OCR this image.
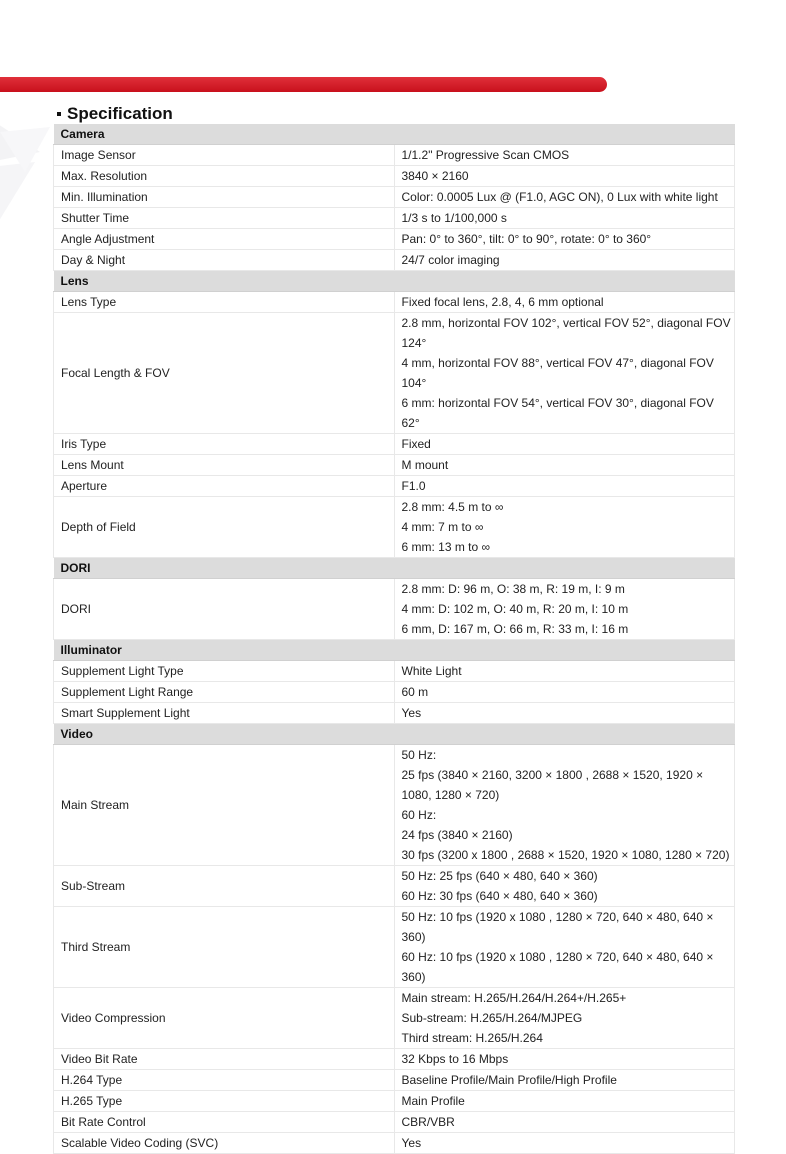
Specification
Camera	
Image Sensor	1/1.2" Progressive Scan CMOS

Max. Resolution	3840 × 2160

Min. Illumination	Color: 0.0005 Lux @ (F1.0, AGC ON), 0 Lux with white light

Shutter Time	1/3 s to 1/100,000 s

Angle Adjustment	Pan: 0° to 360°, tilt: 0° to 90°, rotate: 0° to 360°

Day & Night	24/7 color imaging

Lens	
Lens Type	Fixed focal lens, 2.8, 4, 6 mm optional

Focal Length & FOV	2.8 mm, horizontal FOV 102°, vertical FOV 52°, diagonal FOV 124°
4 mm, horizontal FOV 88°, vertical FOV 47°, diagonal FOV 104°
6 mm: horizontal FOV 54°, vertical FOV 30°, diagonal FOV 62°

Iris Type	Fixed

Lens Mount	M mount

Aperture	F1.0

Depth of Field	2.8 mm: 4.5 m to ∞
4 mm: 7 m to ∞
6 mm: 13 m to ∞

DORI	
DORI	2.8 mm: D: 96 m, O: 38 m, R: 19 m, I: 9 m
4 mm: D: 102 m, O: 40 m, R: 20 m, I: 10 m
6 mm, D: 167 m, O: 66 m, R: 33 m, I: 16 m

Illuminator	
Supplement Light Type	White Light

Supplement Light Range	60 m

Smart Supplement Light	Yes

Video	
Main Stream	50 Hz:
25 fps (3840 × 2160, 3200 × 1800 , 2688 × 1520, 1920 × 1080, 1280 × 720)
60 Hz:
24 fps (3840 × 2160)
30 fps (3200 x 1800 , 2688 × 1520, 1920 × 1080, 1280 × 720)

Sub-Stream	50 Hz: 25 fps (640 × 480, 640 × 360)
60 Hz: 30 fps (640 × 480, 640 × 360)

Third Stream	50 Hz: 10 fps (1920 x 1080 , 1280 × 720, 640 × 480, 640 × 360)
60 Hz: 10 fps (1920 x 1080 , 1280 × 720, 640 × 480, 640 × 360)

Video Compression	Main stream: H.265/H.264/H.264+/H.265+
Sub-stream: H.265/H.264/MJPEG
Third stream: H.265/H.264

Video Bit Rate	32 Kbps to 16 Mbps

H.264 Type	Baseline Profile/Main Profile/High Profile

H.265 Type	Main Profile

Bit Rate Control	CBR/VBR

Scalable Video Coding (SVC)	Yes
